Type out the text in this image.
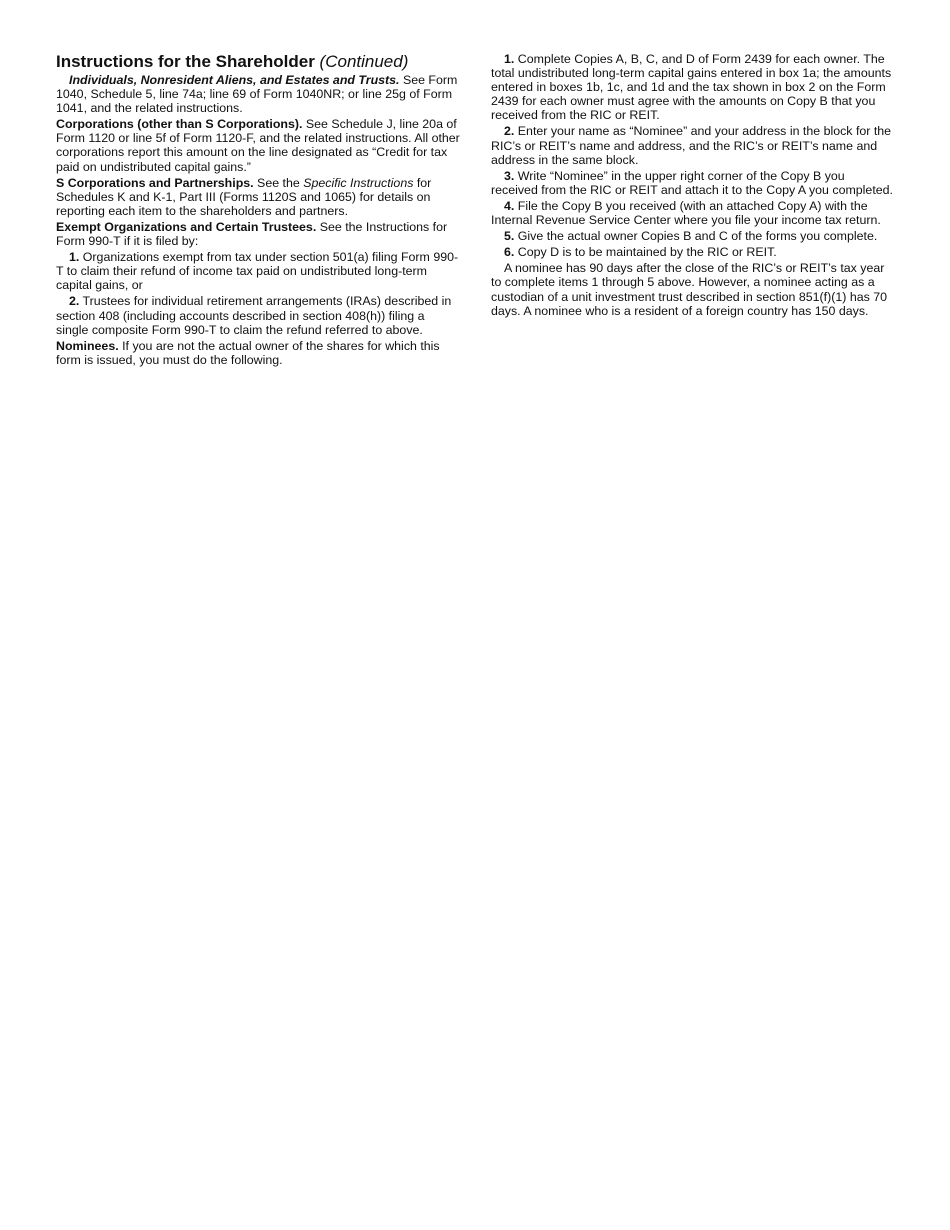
Instructions for the Shareholder (Continued)

Individuals, Nonresident Aliens, and Estates and Trusts. See Form 1040, Schedule 5, line 74a; line 69 of Form 1040NR; or line 25g of Form 1041, and the related instructions.

Corporations (other than S Corporations). See Schedule J, line 20a of Form 1120 or line 5f of Form 1120-F, and the related instructions. All other corporations report this amount on the line designated as “Credit for tax paid on undistributed capital gains.”

S Corporations and Partnerships. See the Specific Instructions for Schedules K and K-1, Part III (Forms 1120S and 1065) for details on reporting each item to the shareholders and partners.

Exempt Organizations and Certain Trustees. See the Instructions for Form 990-T if it is filed by:

1. Organizations exempt from tax under section 501(a) filing Form 990-T to claim their refund of income tax paid on undistributed long-term capital gains, or

2. Trustees for individual retirement arrangements (IRAs) described in section 408 (including accounts described in section 408(h)) filing a single composite Form 990-T to claim the refund referred to above.

Nominees. If you are not the actual owner of the shares for which this form is issued, you must do the following.

1. Complete Copies A, B, C, and D of Form 2439 for each owner. The total undistributed long-term capital gains entered in box 1a; the amounts entered in boxes 1b, 1c, and 1d and the tax shown in box 2 on the Form 2439 for each owner must agree with the amounts on Copy B that you received from the RIC or REIT.

2. Enter your name as “Nominee” and your address in the block for the RIC’s or REIT’s name and address, and the RIC’s or REIT’s name and address in the same block.

3. Write “Nominee” in the upper right corner of the Copy B you received from the RIC or REIT and attach it to the Copy A you completed.

4. File the Copy B you received (with an attached Copy A) with the Internal Revenue Service Center where you file your income tax return.

5. Give the actual owner Copies B and C of the forms you complete.

6. Copy D is to be maintained by the RIC or REIT.

A nominee has 90 days after the close of the RIC’s or REIT’s tax year to complete items 1 through 5 above. However, a nominee acting as a custodian of a unit investment trust described in section 851(f)(1) has 70 days. A nominee who is a resident of a foreign country has 150 days.
